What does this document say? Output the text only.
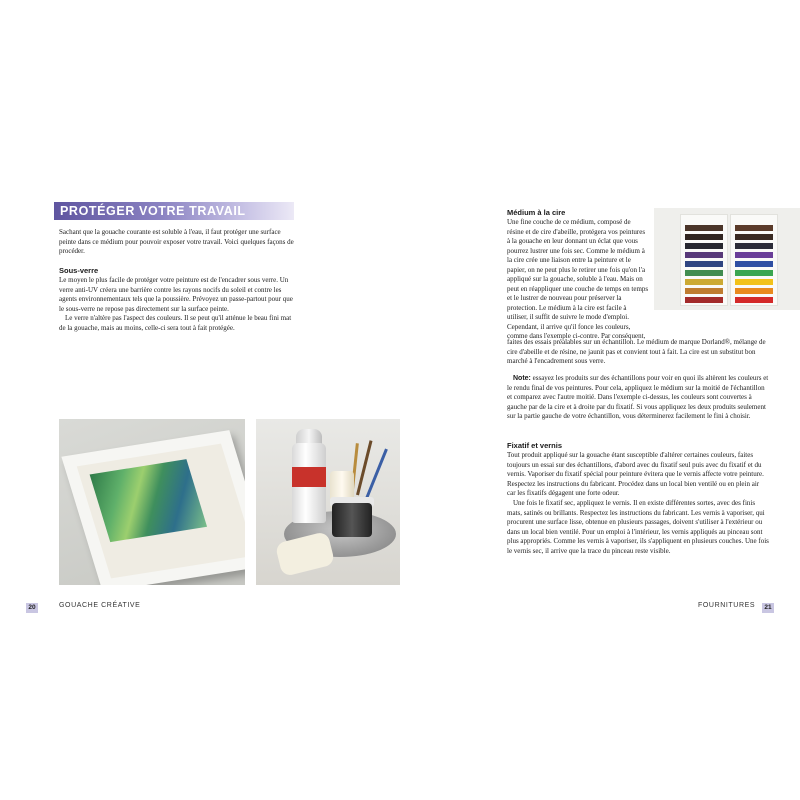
PROTÉGER VOTRE TRAVAIL

Sachant que la gouache courante est soluble à l'eau, il faut protéger une surface peinte dans ce médium pour pouvoir exposer votre travail. Voici quelques façons de procéder.

Sous-verre

Le moyen le plus facile de protéger votre peinture est de l'encadrer sous verre. Un verre anti-UV créera une barrière contre les rayons nocifs du soleil et contre les agents environnementaux tels que la poussière. Prévoyez un passe-partout pour que le sous-verre ne repose pas directement sur la surface peinte.

Le verre n'altère pas l'aspect des couleurs. Il se peut qu'il atténue le beau fini mat de la gouache, mais au moins, celle-ci sera tout à fait protégée.

20	GOUACHE CRÉATIVE
Médium à la cire

Une fine couche de ce médium, composé de résine et de cire d'abeille, protégera vos peintures à la gouache en leur donnant un éclat que vous pourrez lustrer une fois sec. Comme le médium à la cire crée une liaison entre la peinture et le papier, on ne peut plus le retirer une fois qu'on l'a appliqué sur la gouache, soluble à l'eau. Mais on peut en réappliquer une couche de temps en temps et le lustrer de nouveau pour préserver la protection. Le médium à la cire est facile à utiliser, il suffit de suivre le mode d'emploi. Cependant, il arrive qu'il fonce les couleurs, comme dans l'exemple ci-contre. Par conséquent,

faites des essais préalables sur un échantillon. Le médium de marque Dorland®, mélange de cire d'abeille et de résine, ne jaunit pas et convient tout à fait. La cire est un substitut bon marché à l'encadrement sous verre.

Note: essayez les produits sur des échantillons pour voir en quoi ils altèrent les couleurs et le rendu final de vos peintures. Pour cela, appliquez le médium sur la moitié de l'échantillon et comparez avec l'autre moitié. Dans l'exemple ci-dessus, les couleurs sont couvertes à gauche par de la cire et à droite par du fixatif. Si vous appliquez les deux produits seulement sur la partie gauche de votre échantillon, vous déterminerez facilement le fini à choisir.

Fixatif et vernis

Tout produit appliqué sur la gouache étant susceptible d'altérer certaines couleurs, faites toujours un essai sur des échantillons, d'abord avec du fixatif seul puis avec du fixatif et du vernis. Vaporiser du fixatif spécial pour peinture évitera que le vernis affecte votre peinture. Respectez les instructions du fabricant. Procédez dans un local bien ventilé ou en plein air car les fixatifs dégagent une forte odeur.

Une fois le fixatif sec, appliquez le vernis. Il en existe différentes sortes, avec des finis mats, satinés ou brillants. Respectez les instructions du fabricant. Les vernis à vaporiser, qui procurent une surface lisse, obtenue en plusieurs passages, doivent s'utiliser à l'extérieur ou dans un local bien ventilé. Pour un emploi à l'intérieur, les vernis appliqués au pinceau sont plus appropriés. Comme les vernis à vaporiser, ils s'appliquent en plusieurs couches. Une fois le vernis sec, il arrive que la trace du pinceau reste visible.

21
FOURNITURES
